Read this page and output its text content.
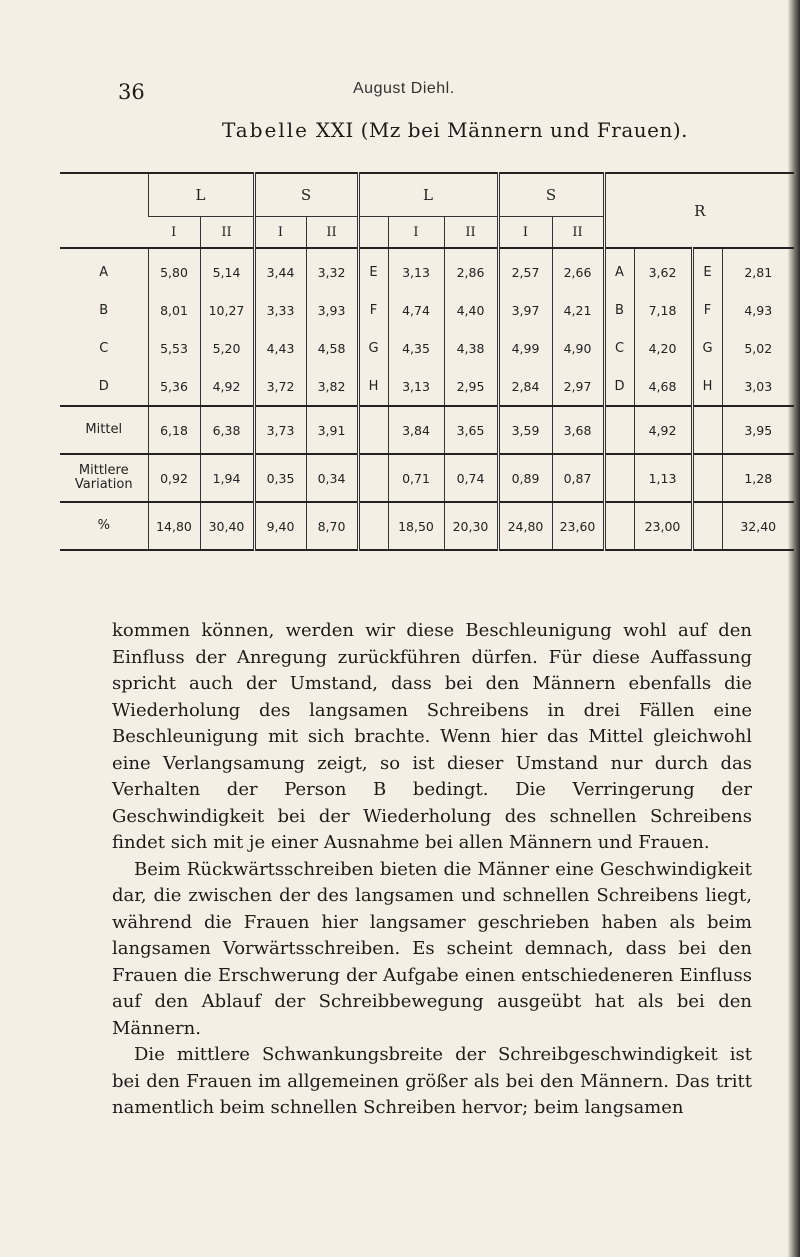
36	August Diehl.
Tabelle XXI (Mz bei Männern und Frauen).
	L		S		L			S		R			
	I	II	I	II		I	II	I	II				
A	5,80	5,14	3,44	3,32	E	3,13	2,86	2,57	2,66	A	3,62	E	2,81
B	8,01	10,27	3,33	3,93	F	4,74	4,40	3,97	4,21	B	7,18	F	4,93
C	5,53	5,20	4,43	4,58	G	4,35	4,38	4,99	4,90	C	4,20	G	5,02
D	5,36	4,92	3,72	3,82	H	3,13	2,95	2,84	2,97	D	4,68	H	3,03
Mittel	6,18	6,38	3,73	3,91		3,84	3,65	3,59	3,68		4,92		3,95
Mittlere Variation	0,92	1,94	0,35	0,34		0,71	0,74	0,89	0,87		1,13		1,28
%	14,80	30,40	9,40	8,70		18,50	20,30	24,80	23,60		23,00		32,40

kommen können, werden wir diese Beschleunigung wohl auf den Einfluss der Anregung zurückführen dürfen. Für diese Auffassung spricht auch der Umstand, dass bei den Männern ebenfalls die Wiederholung des langsamen Schreibens in drei Fällen eine Beschleunigung mit sich brachte. Wenn hier das Mittel gleichwohl eine Verlangsamung zeigt, so ist dieser Umstand nur durch das Verhalten der Person B bedingt. Die Verringerung der Geschwindigkeit bei der Wiederholung des schnellen Schreibens findet sich mit je einer Ausnahme bei allen Männern und Frauen.

Beim Rückwärtsschreiben bieten die Männer eine Geschwindigkeit dar, die zwischen der des langsamen und schnellen Schreibens liegt, während die Frauen hier langsamer geschrieben haben als beim langsamen Vorwärtsschreiben. Es scheint demnach, dass bei den Frauen die Erschwerung der Aufgabe einen entschiedeneren Einfluss auf den Ablauf der Schreibbewegung ausgeübt hat als bei den Männern.

Die mittlere Schwankungsbreite der Schreibgeschwindigkeit ist bei den Frauen im allgemeinen größer als bei den Männern. Das tritt namentlich beim schnellen Schreiben hervor; beim langsamen
